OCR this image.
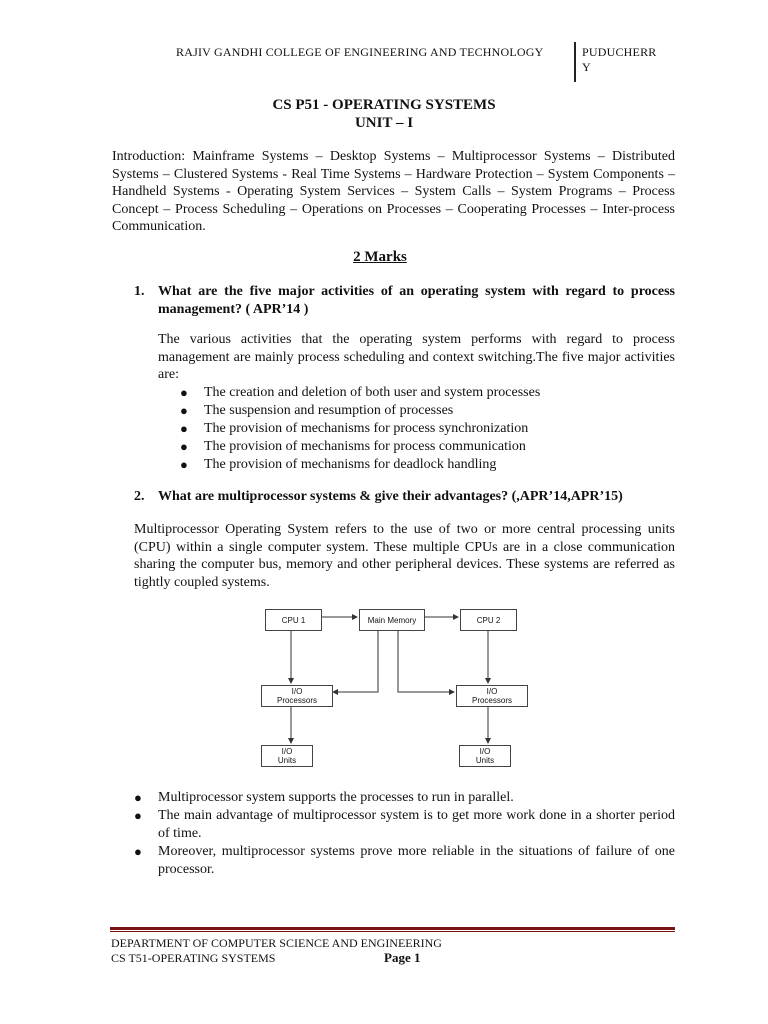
RAJIV GANDHI COLLEGE OF ENGINEERING AND TECHNOLOGY	PUDUCHERR
Y
CS P51 - OPERATING SYSTEMS
UNIT – I
Introduction: Mainframe Systems – Desktop Systems – Multiprocessor Systems – Distributed Systems – Clustered Systems - Real Time Systems – Hardware Protection – System Components – Handheld Systems - Operating System Services – System Calls – System Programs – Process Concept – Process Scheduling – Operations on Processes – Cooperating Processes – Inter-process Communication.
2 Marks
1. What are the five major activities of an operating system with regard to process management? ( APR’14 )
The various activities that the operating system performs with regard to process management are mainly process scheduling and context switching.The five major activities are:
● The creation and deletion of both user and system processes
● The suspension and resumption of processes
● The provision of mechanisms for process synchronization
● The provision of mechanisms for process communication
● The provision of mechanisms for deadlock handling
2. What are multiprocessor systems & give their advantages? (,APR’14,APR’15)
Multiprocessor Operating System refers to the use of two or more central processing units (CPU) within a single computer system. These multiple CPUs are in a close communication sharing the computer bus, memory and other peripheral devices. These systems are referred as tightly coupled systems.
CPU 1	Main Memory	CPU 2
I/O
Processors
I/O
Processors
I/O
Units
I/O
Units
● Multiprocessor system supports the processes to run in parallel.
● The main advantage of multiprocessor system is to get more work done in a shorter period of time.
● Moreover, multiprocessor systems prove more reliable in the situations of failure of one processor.
DEPARTMENT OF COMPUTER SCIENCE AND ENGINEERING
CS T51-OPERATING SYSTEMS	Page 1
